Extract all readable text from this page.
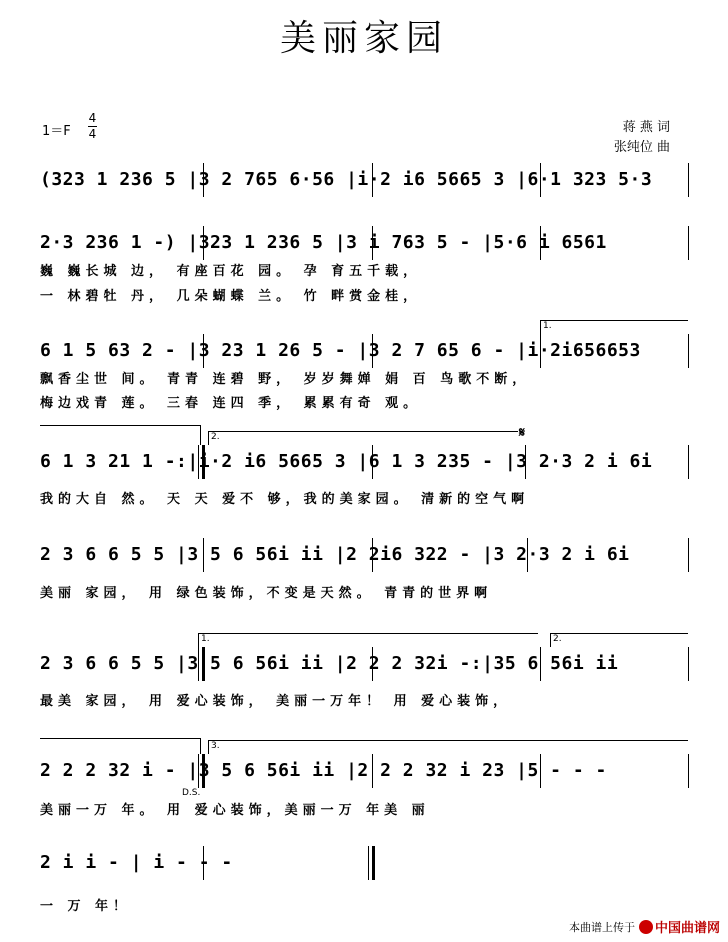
美丽家园
1＝F
4
4	蒋 燕 词
张纯位 曲
(323 1 236 5 |3 2 765 6·56 |i·2 i6 5665 3 |6·1 323 5·3
2·3 236 1 -) |323 1 236 5 |3 i 763 5 - |5·6 i 6561
巍 巍长城 边， 有座百花 园。 孕 育五千载，
一 林碧牡 丹， 几朵蝴蝶 兰。 竹 畔赏金桂，
6 1 5 63 2 - |3 23 1 26 5 - |3 2 7 65 6 - |i·2i656653
飘香尘世 间。 青青 连碧 野， 岁岁舞婵 娟 百 鸟歌不断，
梅边戏青 莲。 三春 连四 季， 累累有奇 观。
1.
6 1 3 21 1 -:|i·2 i6 5665 3 |6 1 3 235 - |3 2·3 2 i 6i
我的大自 然。 天 天 爱不 够，我的美家园。 清新的空气啊
2.	𝄋
2 3 6 6 5 5 |3 5 6 56i ii |2 2i6 322 - |3 2·3 2 i 6i
美丽 家园， 用 绿色装饰，不变是天然。 青青的世界啊
2 3 6 6 5 5 |3 5 6 56i ii |2 2 2 32i -:|35 6 56i ii
最美 家园， 用 爱心装饰， 美丽一万年！ 用 爱心装饰，
1.	2.
2 2 2 32 i - |3 5 6 56i ii |2 2 2 32 i 23 |5 - - -
美丽一万 年。 用 爱心装饰，美丽一万 年美 丽
D.S.
3.
2 i i - | i - - -
一 万 年！
本曲谱上传于 中国曲谱网
